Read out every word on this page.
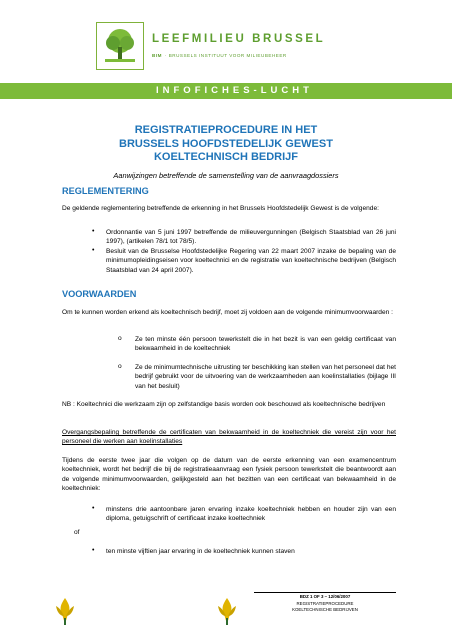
LEEFMILIEU BRUSSEL
BIM · BRUSSELS INSTITUUT VOOR MILIEUBEHEER
INFOFICHES-LUCHT
REGISTRATIEPROCEDURE IN HET
BRUSSELS HOOFDSTEDELIJK GEWEST
KOELTECHNISCH BEDRIJF
Aanwijzingen betreffende de samenstelling van de aanvraagdossiers
REGLEMENTERING
De geldende reglementering betreffende de erkenning in het Brussels Hoofdstedelijk Gewest is de volgende:
• Ordonnantie van 5 juni 1997 betreffende de milieuvergunningen (Belgisch Staatsblad van 26 juni 1997), (artikelen 78/1 tot 78/5).
• Besluit van de Brusselse Hoofdstedelijke Regering van 22 maart 2007 inzake de bepaling van de minimumopleidingseisen voor koeltechnici en de registratie van koeltechnische bedrijven (Belgisch Staatsblad van 24 april 2007).
VOORWAARDEN
Om te kunnen worden erkend als koeltechnisch bedrijf, moet zij voldoen aan de volgende minimumvoorwaarden :
o Ze ten minste één persoon tewerkstelt die in het bezit is van een geldig certificaat van bekwaamheid in de koeltechniek
o Ze de minimumtechnische uitrusting ter beschikking kan stellen van het personeel dat het bedrijf gebruikt voor de uitvoering van de werkzaamheden aan koelinstallaties (bijlage III van het besluit)
NB : Koeltechnici die werkzaam zijn op zelfstandige basis worden ook beschouwd als koeltechnische bedrijven
Overgangsbepaling betreffende de certificaten van bekwaamheid in de koeltechniek die vereist zijn voor het personeel die werken aan koelinstallaties
Tijdens de eerste twee jaar die volgen op de datum van de eerste erkenning van een examencentrum koeltechniek, wordt het bedrijf die bij de registratieaanvraag een fysiek persoon tewerkstelt die beantwoordt aan de volgende minimumvoorwaarden, gelijkgesteld aan het bezitten van een certificaat van bekwaamheid in de koeltechniek:
• minstens drie aantoonbare jaren ervaring inzake koeltechniek hebben en houder zijn van een diploma, getuigschrift of certificaat inzake koeltechniek
of
• ten minste vijftien jaar ervaring in de koeltechniek kunnen staven
BDZ 1 OF 3 – 12/06/2007
REGISTRATIEPROCEDURE
KOELTECHNISCHE BEDRIJVEN
